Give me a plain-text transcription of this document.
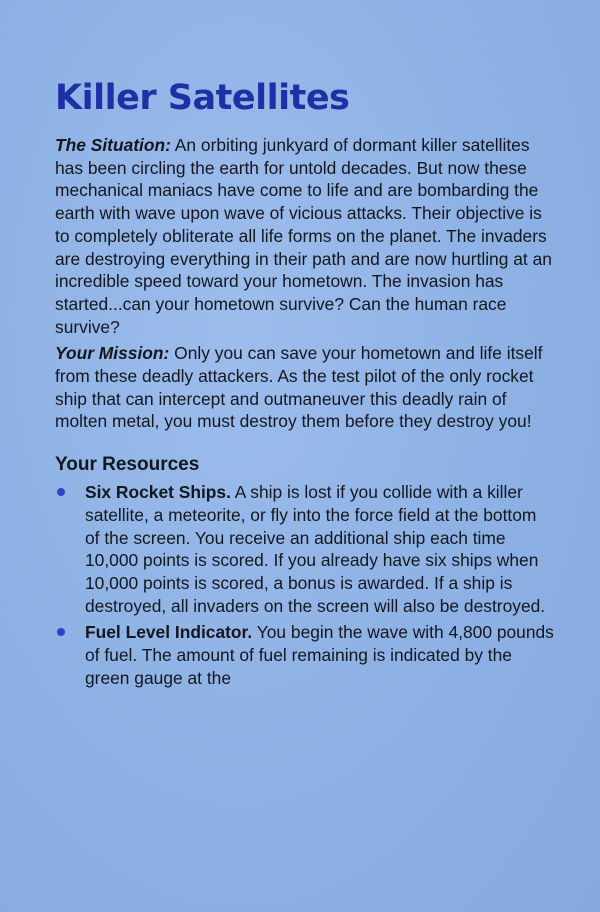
Killer Satellites

The Situation: An orbiting junkyard of dormant killer satellites has been circling the earth for untold decades. But now these mechanical maniacs have come to life and are bombarding the earth with wave upon wave of vicious attacks. Their objective is to completely obliterate all life forms on the planet. The invaders are destroying everything in their path and are now hurtling at an incredible speed toward your hometown. The invasion has started...can your hometown survive? Can the human race survive?

Your Mission: Only you can save your hometown and life itself from these deadly attackers. As the test pilot of the only rocket ship that can intercept and outmaneuver this deadly rain of molten metal, you must destroy them before they destroy you!

Your Resources
Six Rocket Ships. A ship is lost if you collide with a killer satellite, a meteorite, or fly into the force field at the bottom of the screen. You receive an additional ship each time 10,000 points is scored. If you already have six ships when 10,000 points is scored, a bonus is awarded. If a ship is destroyed, all invaders on the screen will also be destroyed.
Fuel Level Indicator. You begin the wave with 4,800 pounds of fuel. The amount of fuel remaining is indicated by the green gauge at the
